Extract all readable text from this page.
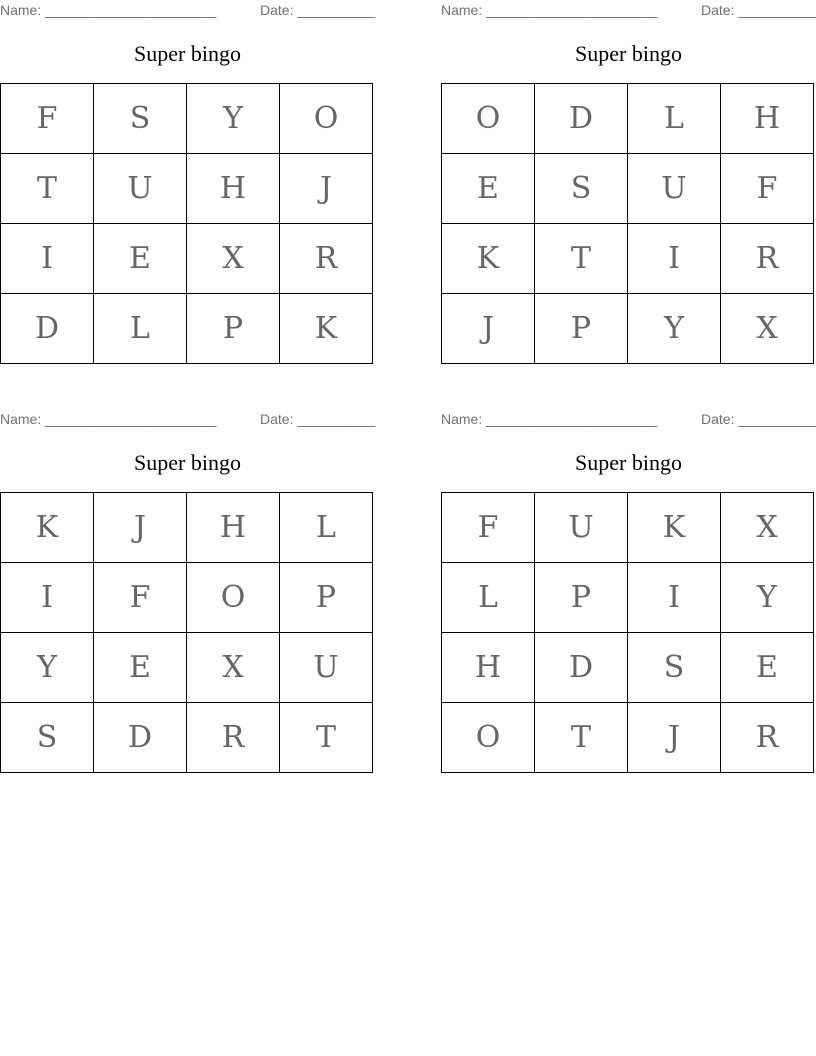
Name: ______________________	Date: __________
Super bingo
F	S	Y	O
T	U	H	J
I	E	X	R
D	L	P	K
Name: ______________________	Date: __________
Super bingo
O	D	L	H
E	S	U	F
K	T	I	R
J	P	Y	X
Name: ______________________	Date: __________
Super bingo
K	J	H	L
I	F	O	P
Y	E	X	U
S	D	R	T
Name: ______________________	Date: __________
Super bingo
F	U	K	X
L	P	I	Y
H	D	S	E
O	T	J	R
